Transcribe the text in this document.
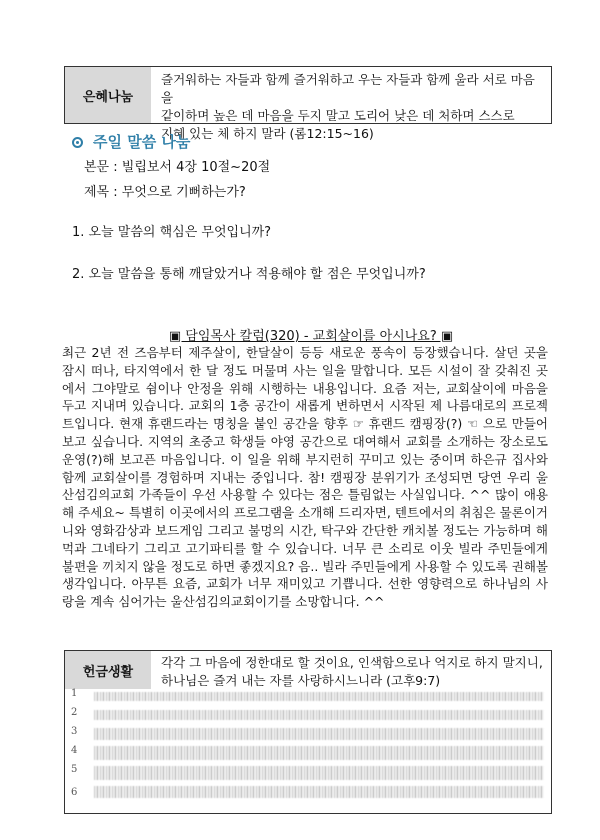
은혜나눔
즐거워하는 자들과 함께 즐거워하고 우는 자들과 함께 울라 서로 마음을
같이하며 높은 데 마음을 두지 말고 도리어 낮은 데 처하며 스스로
지혜 있는 체 하지 말라 (롬12:15~16)
주일 말씀 나눔
본문 : 빌립보서 4장 10절~20절
제목 : 무엇으로 기뻐하는가?
1. 오늘 말씀의 핵심은 무엇입니까?
2. 오늘 말씀을 통해 깨달았거나 적용해야 할 점은 무엇입니까?
▣ 담임목사 칼럼(320) - 교회살이를 아시나요? ▣
최근 2년 전 즈음부터 제주살이, 한달살이 등등 새로운 풍속이 등장했습니다. 살던 곳을 잠시 떠나, 타지역에서 한 달 정도 머물며 사는 일을 말합니다. 모든 시설이 잘 갖춰진 곳에서 그야말로 쉼이나 안정을 위해 시행하는 내용입니다. 요즘 저는, 교회살이에 마음을 두고 지내며 있습니다. 교회의 1층 공간이 새롭게 변하면서 시작된 제 나름대로의 프로젝트입니다. 현재 휴랜드라는 명칭을 붙인 공간을 향후 ☞ 휴랜드 캠핑장(?) ☜ 으로 만들어 보고 싶습니다. 지역의 초중고 학생들 야영 공간으로 대여해서 교회를 소개하는 장소로도 운영(?)해 보고픈 마음입니다. 이 일을 위해 부지런히 꾸미고 있는 중이며 하은규 집사와 함께 교회살이를 경험하며 지내는 중입니다. 참! 캠핑장 분위기가 조성되면 당연 우리 울산섬김의교회 가족들이 우선 사용할 수 있다는 점은 틀림없는 사실입니다. ^^ 많이 애용해 주세요~ 특별히 이곳에서의 프로그램을 소개해 드리자면, 텐트에서의 취침은 물론이거니와 영화감상과 보드게임 그리고 불멍의 시간, 탁구와 간단한 캐치볼 정도는 가능하며 해먹과 그네타기 그리고 고기파티를 할 수 있습니다. 너무 큰 소리로 이웃 빌라 주민들에게 불편을 끼치지 않을 정도로 하면 좋겠지요? 음.. 빌라 주민들에게 사용할 수 있도록 권해볼 생각입니다. 아무튼 요즘, 교회가 너무 재미있고 기쁩니다. 선한 영향력으로 하나님의 사랑을 계속 심어가는 울산섬김의교회이기를 소망합니다. ^^
헌금생활
각각 그 마음에 정한대로 할 것이요, 인색함으로나 억지로 하지 말지니,
하나님은 즐겨 내는 자를 사랑하시느니라 (고후9:7)
1
2
3
4
5
6
